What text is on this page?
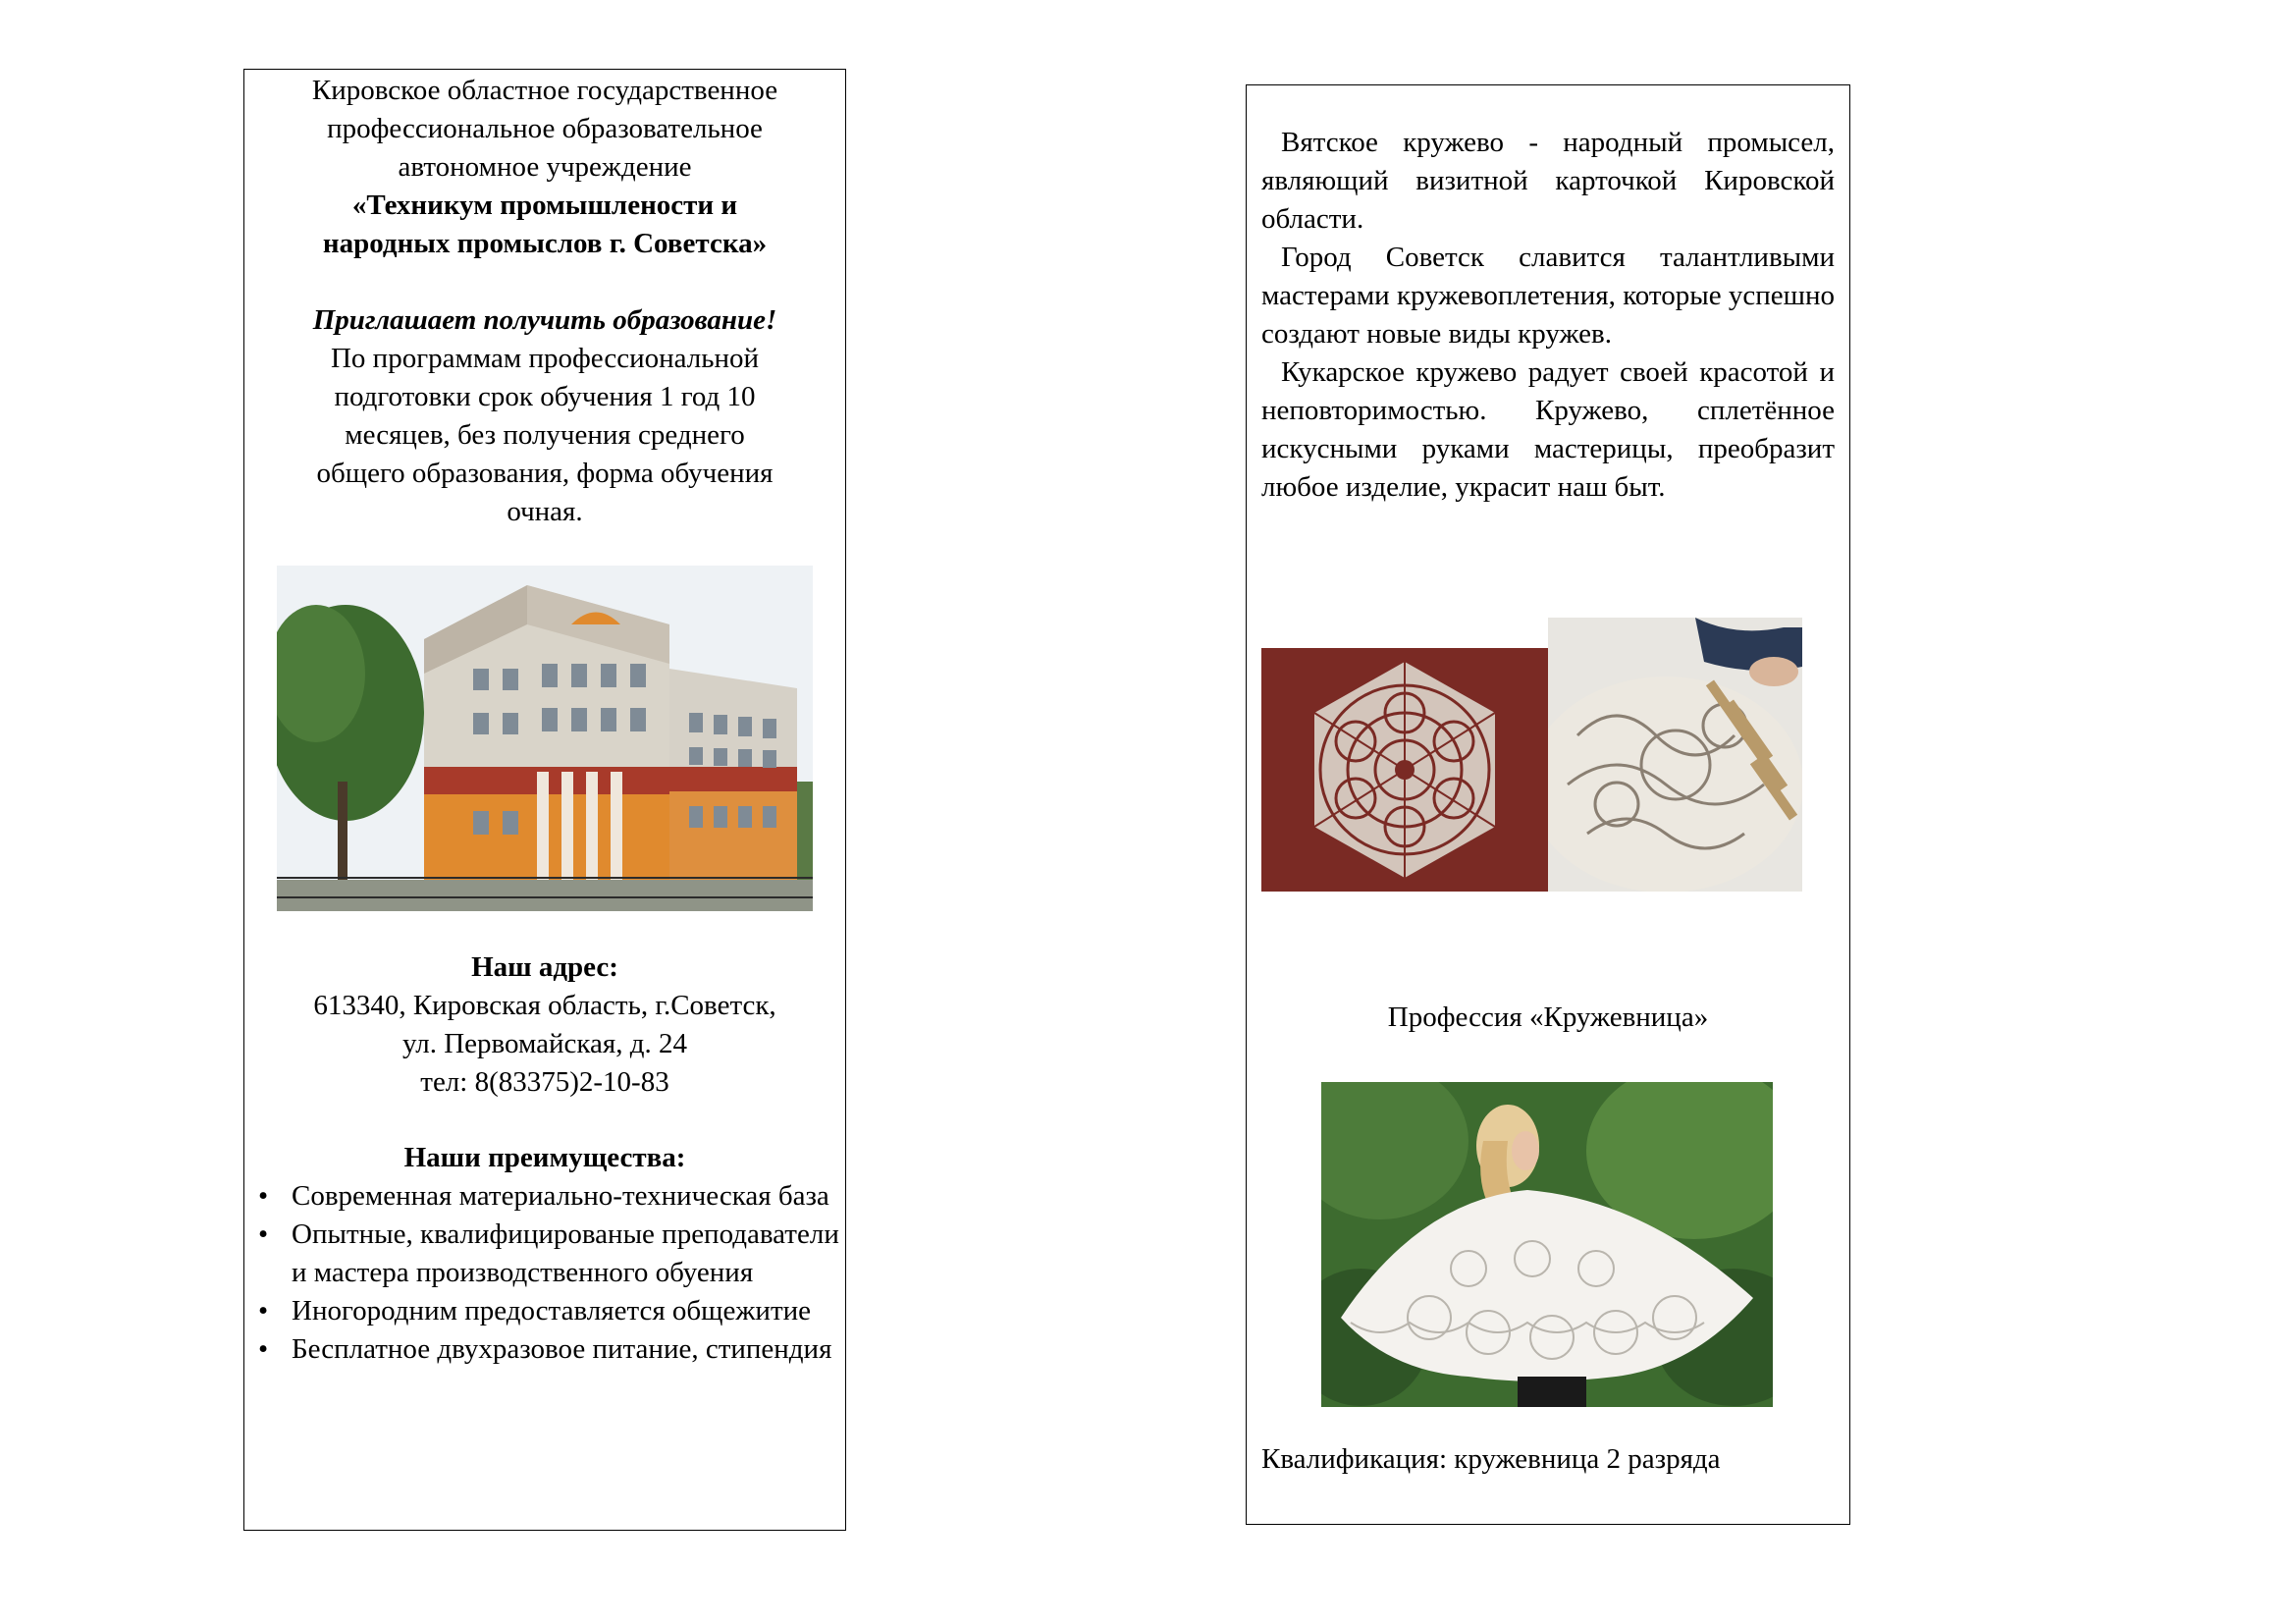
Кировское областное государственное
профессиональное образовательное
автономное учреждение
«Техникум промышлености и
народных промыслов г. Советска»
Приглашает получить образование!
По программам профессиональной
подготовки срок обучения 1 год 10
месяцев, без получения среднего
общего образования, форма обучения
очная.
Наш адрес:
613340, Кировская область, г.Советск,
ул. Первомайская, д. 24
тел: 8(83375)2-10-83
Наши преимущества:
• Современная материально-техническая база
• Опытные, квалифицированые преподаватели и мастера производственного обуения
• Иногородним предоставляется общежитие
• Бесплатное двухразовое питание, стипендия
Вятское кружево - народный промысел, являющий визитной карточкой Кировской области.
Город Советск славится талантливыми мастерами кружевоплетения, которые успешно создают новые виды кружев.
Кукарское кружево радует своей красотой и неповторимостью. Кружево, сплетённое искусными руками мастерицы, преобразит любое изделие, украсит наш быт.
Профессия «Кружевница»
Квалификация: кружевница 2 разряда
